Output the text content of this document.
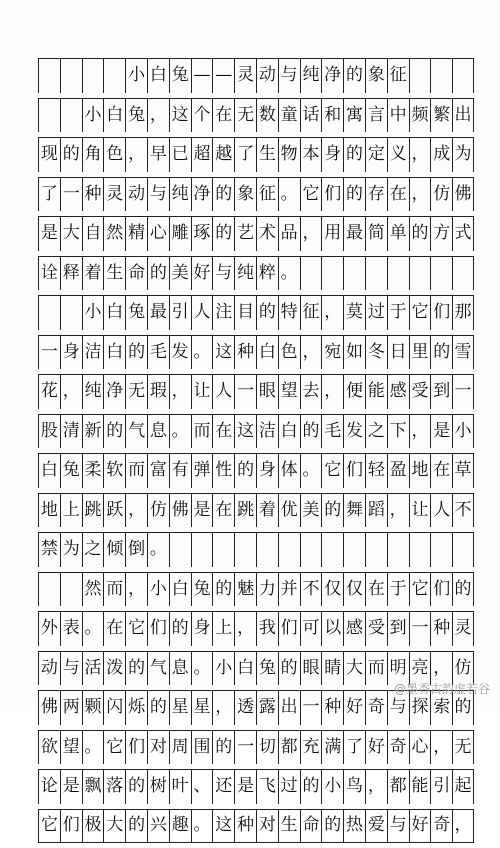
小 白 兔 — — 灵 动 与 纯 净 的 象 征
小 白 兔 ， 这 个 在 无 数 童 话 和 寓 言 中 频 繁 出
现 的 角 色 ， 早 已 超 越 了 生 物 本 身 的 定 义 ， 成 为
了 一 种 灵 动 与 纯 净 的 象 征 。 它 们 的 存 在 ， 仿 佛
是 大 自 然 精 心 雕 琢 的 艺 术 品 ， 用 最 简 单 的 方 式
诠 释 着 生 命 的 美 好 与 纯 粹 。
小 白 兔 最 引 人 注 目 的 特 征 ， 莫 过 于 它 们 那
一 身 洁 白 的 毛 发 。 这 种 白 色 ， 宛 如 冬 日 里 的 雪
花 ， 纯 净 无 瑕 ， 让 人 一 眼 望 去 ， 便 能 感 受 到 一
股 清 新 的 气 息 。 而 在 这 洁 白 的 毛 发 之 下 ， 是 小
白 兔 柔 软 而 富 有 弹 性 的 身 体 。 它 们 轻 盈 地 在 草
地 上 跳 跃 ， 仿 佛 是 在 跳 着 优 美 的 舞 蹈 ， 让 人 不
禁 为 之 倾 倒 。
然 而 ， 小 白 兔 的 魅 力 并 不 仅 仅 在 于 它 们 的
外 表 。 在 它 们 的 身 上 ， 我 们 可 以 感 受 到 一 种 灵
动 与 活 泼 的 气 息 。 小 白 兔 的 眼 睛 大 而 明 亮 ， 仿
佛 两 颗 闪 烁 的 星 星 ， 透 露 出 一 种 好 奇 与 探 索 的
欲 望 。 它 们 对 周 围 的 一 切 都 充 满 了 好 奇 心 ， 无
论 是 飘 落 的 树 叶 、 还 是 飞 过 的 小 鸟 ， 都 能 引 起
它 们 极 大 的 兴 趣 。 这 种 对 生 命 的 热 爱 与 好 奇 ，
@墨香古韵虚若谷
